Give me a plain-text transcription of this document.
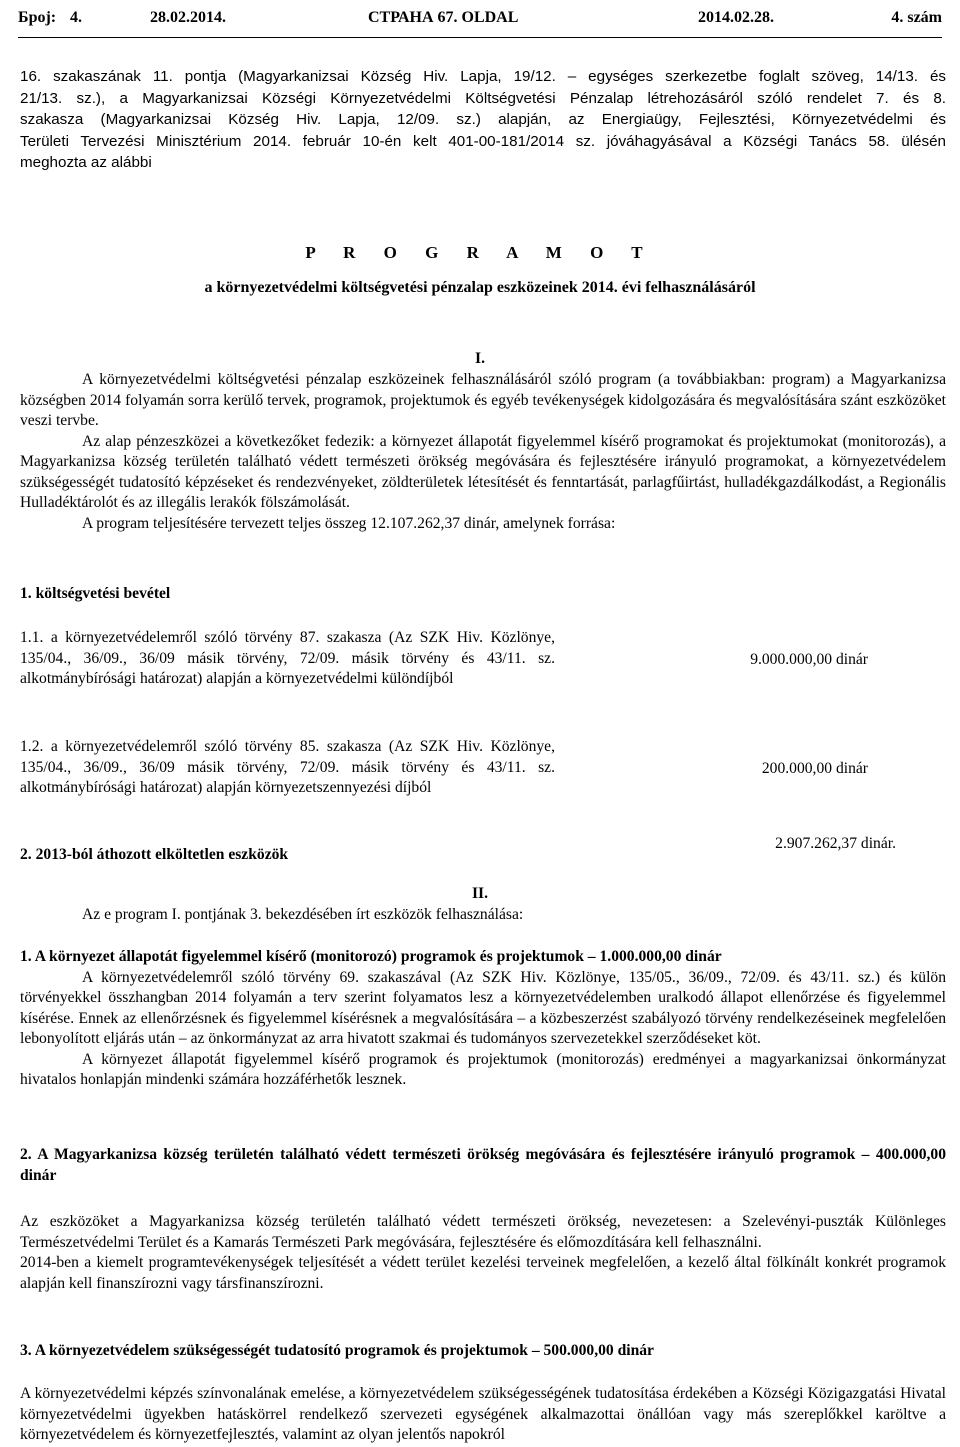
Број: 4.	28.02.2014.	СТРАНА 67. OLDAL	2014.02.28.	4. szám
16. szakaszának 11. pontja (Magyarkanizsai Község Hiv. Lapja, 19/12. – egységes szerkezetbe foglalt szöveg, 14/13. és
21/13. sz.), a Magyarkanizsai Községi Környezetvédelmi Költségvetési Pénzalap létrehozásáról szóló rendelet 7. és 8.
szakasza (Magyarkanizsai Község Hiv. Lapja, 12/09. sz.) alapján, az Energiaügy, Fejlesztési, Környezetvédelmi és
Területi Tervezési Minisztérium 2014. február 10-én kelt 401-00-181/2014 sz. jóváhagyásával a Községi Tanács 58. ülésén
meghozta az alábbi
P R O G R A M O T
a környezetvédelmi költségvetési pénzalap eszközeinek 2014. évi felhasználásáról
I.

A környezetvédelmi költségvetési pénzalap eszközeinek felhasználásáról szóló program (a továbbiakban: program) a Magyarkanizsa községben 2014 folyamán sorra kerülő tervek, programok, projektumok és egyéb tevékenységek kidolgozására és megvalósítására szánt eszközöket veszi tervbe.

Az alap pénzeszközei a következőket fedezik: a környezet állapotát figyelemmel kísérő programokat és projektumokat (monitorozás), a Magyarkanizsa község területén található védett természeti örökség megóvására és fejlesztésére irányuló programokat, a környezetvédelem szükségességét tudatosító képzéseket és rendezvényeket, zöldterületek létesítését és fenntartását, parlagfűirtást, hulladékgazdálkodást, a Regionális Hulladéktárolót és az illegális lerakók fölszámolását.

A program teljesítésére tervezett teljes összeg 12.107.262,37 dinár, amelynek forrása:

1. költségvetési bevétel
1.1. a környezetvédelemről szóló törvény 87. szakasza (Az SZK Hiv. Közlönye, 135/04., 36/09., 36/09 másik törvény, 72/09. másik törvény és 43/11. sz. alkotmánybírósági határozat) alapján a környezetvédelmi különdíjból
9.000.000,00 dinár
1.2. a környezetvédelemről szóló törvény 85. szakasza (Az SZK Hiv. Közlönye, 135/04., 36/09., 36/09 másik törvény, 72/09. másik törvény és 43/11. sz. alkotmánybírósági határozat) alapján környezetszennyezési díjból
200.000,00 dinár
2. 2013-ból áthozott elköltetlen eszközök
2.907.262,37 dinár.
II.
Az e program I. pontjának 3. bekezdésében írt eszközök felhasználása:

1. A környezet állapotát figyelemmel kísérő (monitorozó) programok és projektumok – 1.000.000,00 dinár

A környezetvédelemről szóló törvény 69. szakaszával (Az SZK Hiv. Közlönye, 135/05., 36/09., 72/09. és 43/11. sz.) és külön törvényekkel összhangban 2014 folyamán a terv szerint folyamatos lesz a környezetvédelemben uralkodó állapot ellenőrzése és figyelemmel kísérése. Ennek az ellenőrzésnek és figyelemmel kísérésnek a megvalósítására – a közbeszerzést szabályozó törvény rendelkezéseinek megfelelően lebonyolított eljárás után – az önkormányzat az arra hivatott szakmai és tudományos szervezetekkel szerződéseket köt.

A környezet állapotát figyelemmel kísérő programok és projektumok (monitorozás) eredményei a magyarkanizsai önkormányzat hivatalos honlapján mindenki számára hozzáférhetők lesznek.

2. A Magyarkanizsa község területén található védett természeti örökség megóvására és fejlesztésére irányuló programok – 400.000,00 dinár

Az eszközöket a Magyarkanizsa község területén található védett természeti örökség, nevezetesen: a Szelevényi-puszták Különleges Természetvédelmi Terület és a Kamarás Természeti Park megóvására, fejlesztésére és előmozdítására kell felhasználni.

2014-ben a kiemelt programtevékenységek teljesítését a védett terület kezelési terveinek megfelelően, a kezelő által fölkínált konkrét programok alapján kell finanszírozni vagy társfinanszírozni.

3. A környezetvédelem szükségességét tudatosító programok és projektumok – 500.000,00 dinár

A környezetvédelmi képzés színvonalának emelése, a környezetvédelem szükségességének tudatosítása érdekében a Községi Közigazgatási Hivatal környezetvédelmi ügyekben hatáskörrel rendelkező szervezeti egységének alkalmazottai önállóan vagy más szereplőkkel karöltve a környezetvédelem és környezetfejlesztés, valamint az olyan jelentős napokról
